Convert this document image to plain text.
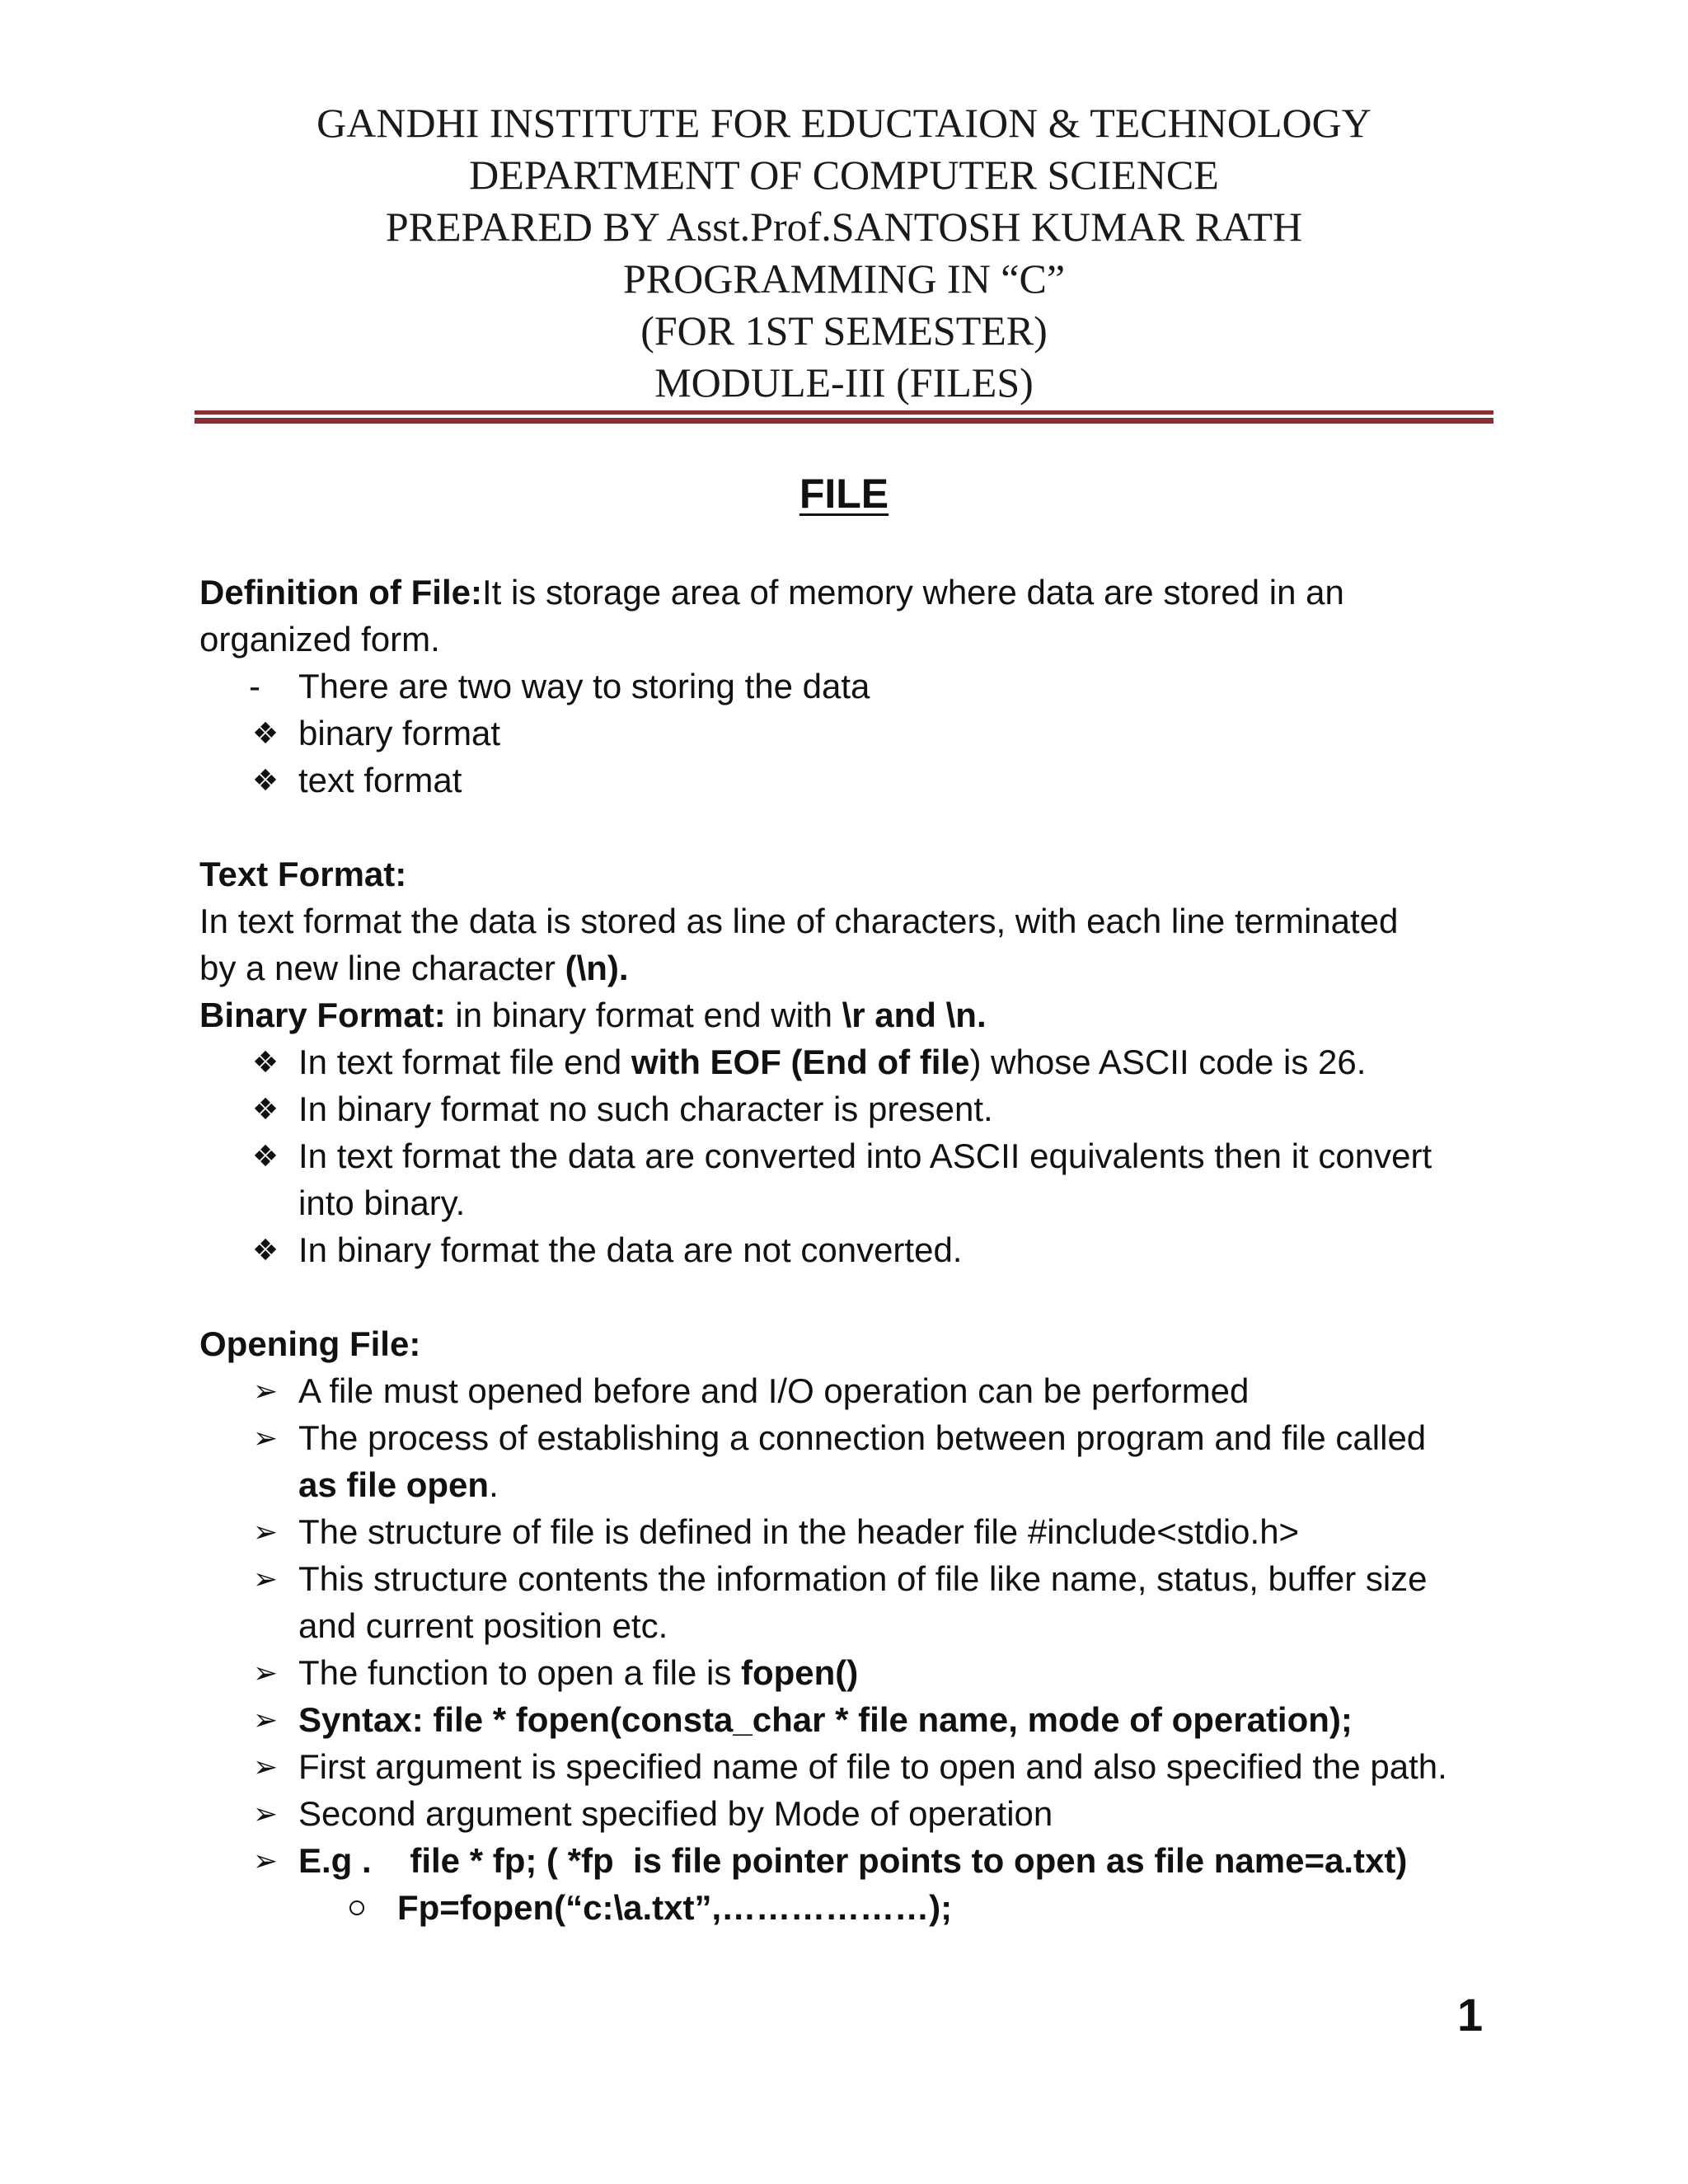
GANDHI INSTITUTE FOR EDUCTAION & TECHNOLOGY
DEPARTMENT OF COMPUTER SCIENCE
PREPARED BY Asst.Prof.SANTOSH KUMAR RATH
PROGRAMMING IN “C”
(FOR 1ST SEMESTER)
MODULE-III (FILES)
FILE
Definition of File:It is storage area of memory where data are stored in an
organized form.
- There are two way to storing the data
❖ binary format
❖ text format
Text Format:
In text format the data is stored as line of characters, with each line terminated
by a new line character (\n).
Binary Format: in binary format end with \r and \n.
❖ In text format file end with EOF (End of file) whose ASCII code is 26.
❖ In binary format no such character is present.
❖ In text format the data are converted into ASCII equivalents then it convert
into binary.
❖ In binary format the data are not converted.
Opening File:
➢ A file must opened before and I/O operation can be performed
➢ The process of establishing a connection between program and file called
as file open.
➢ The structure of file is defined in the header file #include<stdio.h>
➢ This structure contents the information of file like name, status, buffer size
and current position etc.
➢ The function to open a file is fopen()
➢ Syntax: file * fopen(consta_char * file name, mode of operation);
➢ First argument is specified name of file to open and also specified the path.
➢ Second argument specified by Mode of operation
➢ E.g .    file * fp; ( *fp  is file pointer points to open as file name=a.txt)
Fp=fopen(“c:\a.txt”,………………);
1
